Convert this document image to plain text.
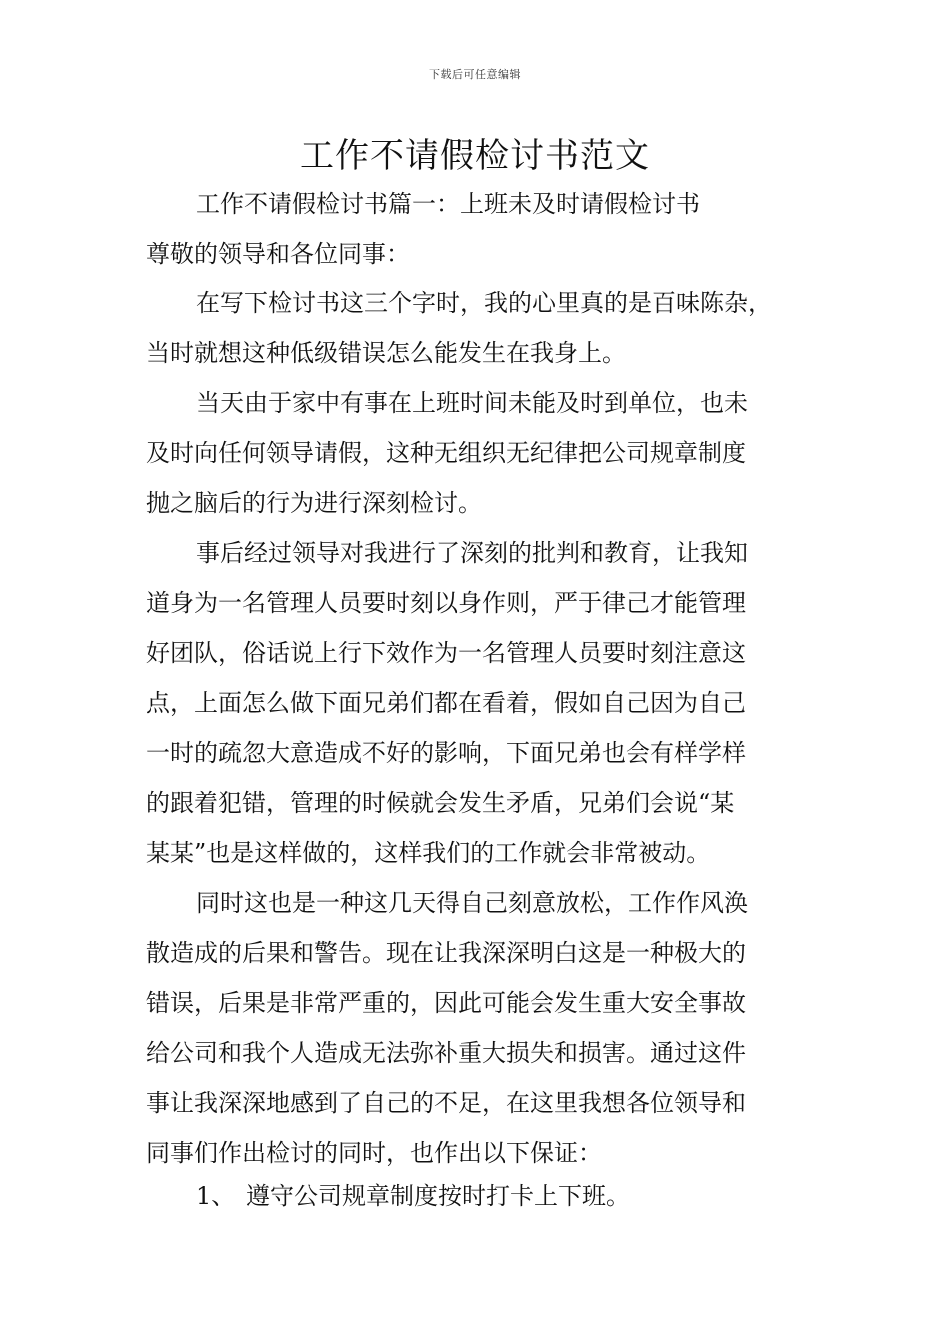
下载后可任意编辑
工作不请假检讨书范文
工作不请假检讨书篇一：上班未及时请假检讨书
尊敬的领导和各位同事：
在写下检讨书这三个字时，我的心里真的是百味陈杂，
当时就想这种低级错误怎么能发生在我身上。
当天由于家中有事在上班时间未能及时到单位，也未
及时向任何领导请假，这种无组织无纪律把公司规章制度
抛之脑后的行为进行深刻检讨。
事后经过领导对我进行了深刻的批判和教育，让我知
道身为一名管理人员要时刻以身作则，严于律己才能管理
好团队，俗话说上行下效作为一名管理人员要时刻注意这
点，上面怎么做下面兄弟们都在看着，假如自己因为自己
一时的疏忽大意造成不好的影响，下面兄弟也会有样学样
的跟着犯错，管理的时候就会发生矛盾，兄弟们会说“某
某某”也是这样做的，这样我们的工作就会非常被动。
同时这也是一种这几天得自己刻意放松，工作作风涣
散造成的后果和警告。现在让我深深明白这是一种极大的
错误，后果是非常严重的，因此可能会发生重大安全事故
给公司和我个人造成无法弥补重大损失和损害。通过这件
事让我深深地感到了自己的不足，在这里我想各位领导和
同事们作出检讨的同时，也作出以下保证：
1、 遵守公司规章制度按时打卡上下班。
